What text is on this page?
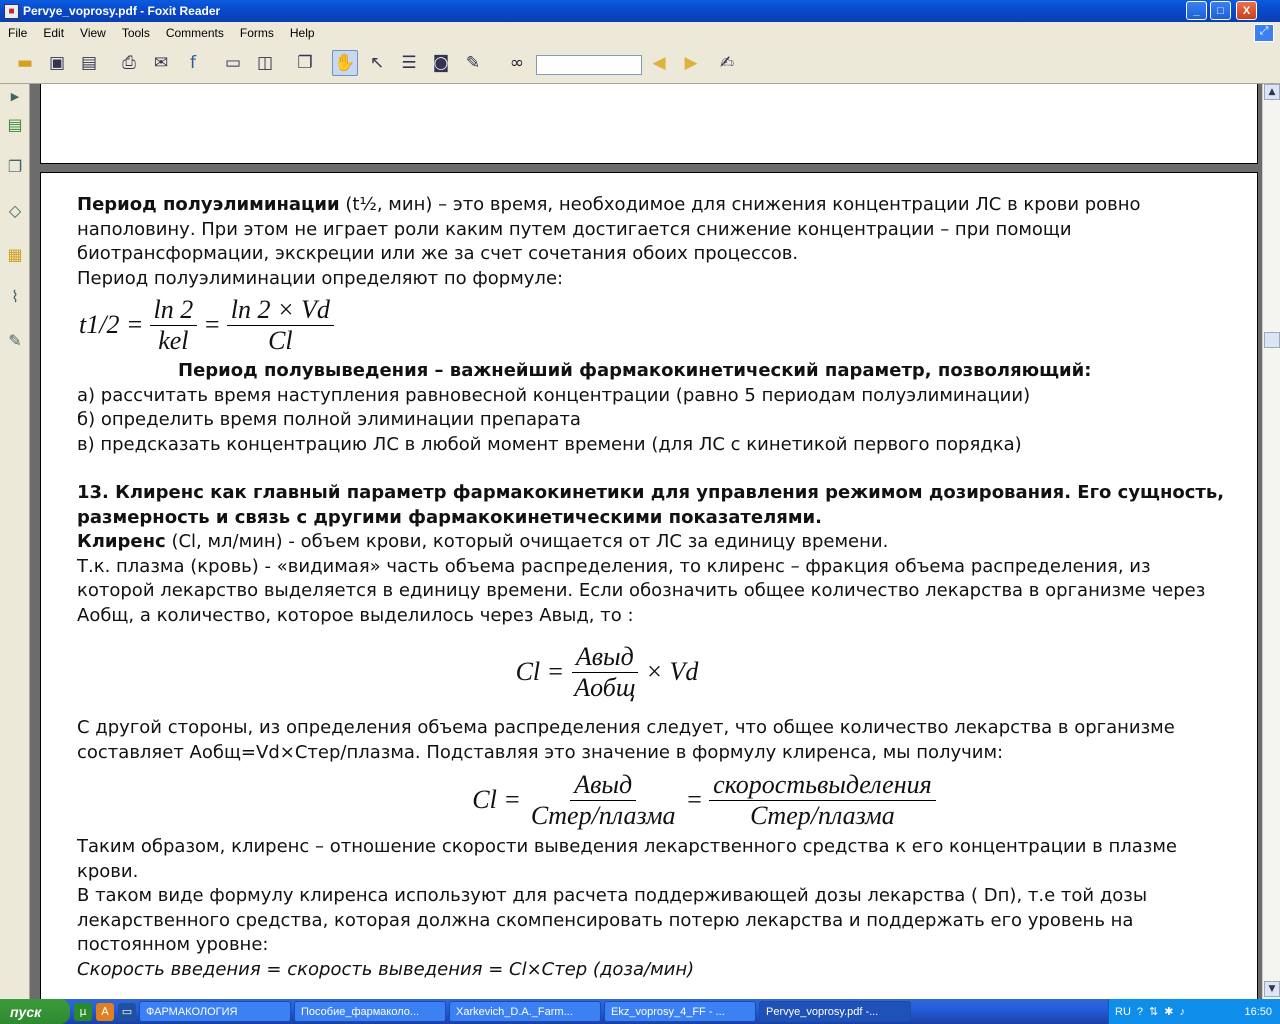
■ Pervye_voprosy.pdf - Foxit Reader	_	□	X
File	Edit	View	Tools	Comments	Forms	Help	⤢
▬ ▣ ▤	⎙	✉	f	▭ ◫	❐	✋ ↖	☰ ◙ ✎	∞	◀	▶	✍
▶
▤
❐
◇
▦
⌇
✎

Период полуэлиминации (t½, мин) – это время, необходимое для снижения концентрации ЛС в крови ровно наполовину. При этом не играет роли каким путем достигается снижение концентрации – при помощи биотрансформации, экскреции или же за счет сочетания обоих процессов.

Период полуэлиминации определяют по формуле:

$t1/2 = \frac{\ln 2}{\text{kel}} = \frac{\ln 2 \times Vd}{Cl}$

Период полувыведения – важнейший фармакокинетический параметр, позволяющий:

а) рассчитать время наступления равновесной концентрации (равно 5 периодам полуэлиминации)

б) определить время полной элиминации препарата

в) предсказать концентрацию ЛС в любой момент времени (для ЛС с кинетикой первого порядка)

13. Клиренс как главный параметр фармакокинетики для управления режимом дозирования. Его сущность, размерность и связь с другими фармакокинетическими показателями.

Клиренс (Cl, мл/мин) - объем крови, который очищается от ЛС за единицу времени.

Т.к. плазма (кровь) - «видимая» часть объема распределения, то клиренс – фракция объема распределения, из которой лекарство выделяется в единицу времени. Если обозначить общее количество лекарства в организме через Аобщ, а количество, которое выделилось через Авыд, то :

$Cl = \frac{\text{Aвыд}}{\text{Aобщ}} \times Vd$

С другой стороны, из определения объема распределения следует, что общее количество лекарства в организме составляет Аобщ=Vd×Стер/плазма. Подставляя это значение в формулу клиренса, мы получим:

$Cl = \frac{\text{Aвыд}}{\text{Cтер/плазма}} = \frac{\text{скоростьвыделения}}{\text{Cтер/плазма}}$

Таким образом, клиренс – отношение скорости выведения лекарственного средства к его концентрации в плазме крови.

В таком виде формулу клиренса используют для расчета поддерживающей дозы лекарства ( Dп), т.е той дозы лекарственного средства, которая должна скомпенсировать потерю лекарства и поддержать его уровень на постоянном уровне:

Скорость введения = скорость выведения = Cl×Cтер (доза/мин)

▲
▼
пуск	µ	A	▭	ФАРМАКОЛОГИЯ	Пособие_фармаколо...	Xarkevich_D.A._Farm...	Ekz_voprosy_4_FF - ...	Pervye_voprosy.pdf -...	RU ? ⇅ ✱ ♪	16:50
